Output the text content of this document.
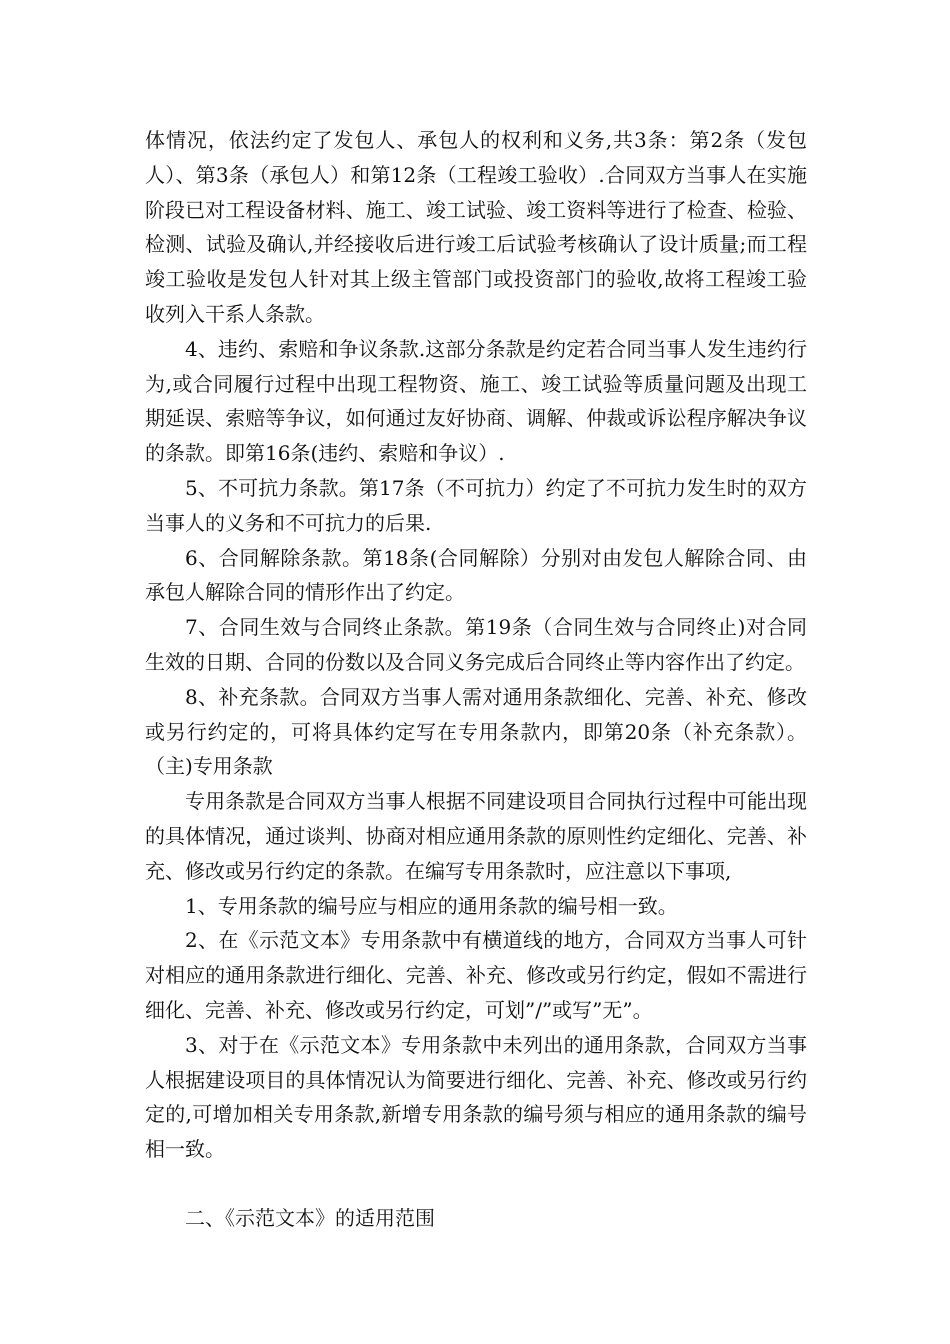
体情况，依法约定了发包人、承包人的权利和义务,共3条：第2条（发包人）、第3条（承包人）和第12条（工程竣工验收）.合同双方当事人在实施阶段已对工程设备材料、施工、竣工试验、竣工资料等进行了检查、检验、检测、试验及确认,并经接收后进行竣工后试验考核确认了设计质量;而工程竣工验收是发包人针对其上级主管部门或投资部门的验收,故将工程竣工验收列入干系人条款。

4、违约、索赔和争议条款.这部分条款是约定若合同当事人发生违约行为,或合同履行过程中出现工程物资、施工、竣工试验等质量问题及出现工期延误、索赔等争议，如何通过友好协商、调解、仲裁或诉讼程序解决争议的条款。即第16条(违约、索赔和争议）.

5、不可抗力条款。第17条（不可抗力）约定了不可抗力发生时的双方当事人的义务和不可抗力的后果.

6、合同解除条款。第18条(合同解除）分别对由发包人解除合同、由承包人解除合同的情形作出了约定。

7、合同生效与合同终止条款。第19条（合同生效与合同终止)对合同生效的日期、合同的份数以及合同义务完成后合同终止等内容作出了约定。

8、补充条款。合同双方当事人需对通用条款细化、完善、补充、修改或另行约定的，可将具体约定写在专用条款内，即第20条（补充条款）。（主)专用条款

专用条款是合同双方当事人根据不同建设项目合同执行过程中可能出现的具体情况，通过谈判、协商对相应通用条款的原则性约定细化、完善、补充、修改或另行约定的条款。在编写专用条款时，应注意以下事项,

1、专用条款的编号应与相应的通用条款的编号相一致。

2、在《示范文本》专用条款中有横道线的地方，合同双方当事人可针对相应的通用条款进行细化、完善、补充、修改或另行约定，假如不需进行细化、完善、补充、修改或另行约定，可划”/”或写”无”。

3、对于在《示范文本》专用条款中未列出的通用条款，合同双方当事人根据建设项目的具体情况认为简要进行细化、完善、补充、修改或另行约定的,可增加相关专用条款,新增专用条款的编号须与相应的通用条款的编号相一致。

二、《示范文本》的适用范围
